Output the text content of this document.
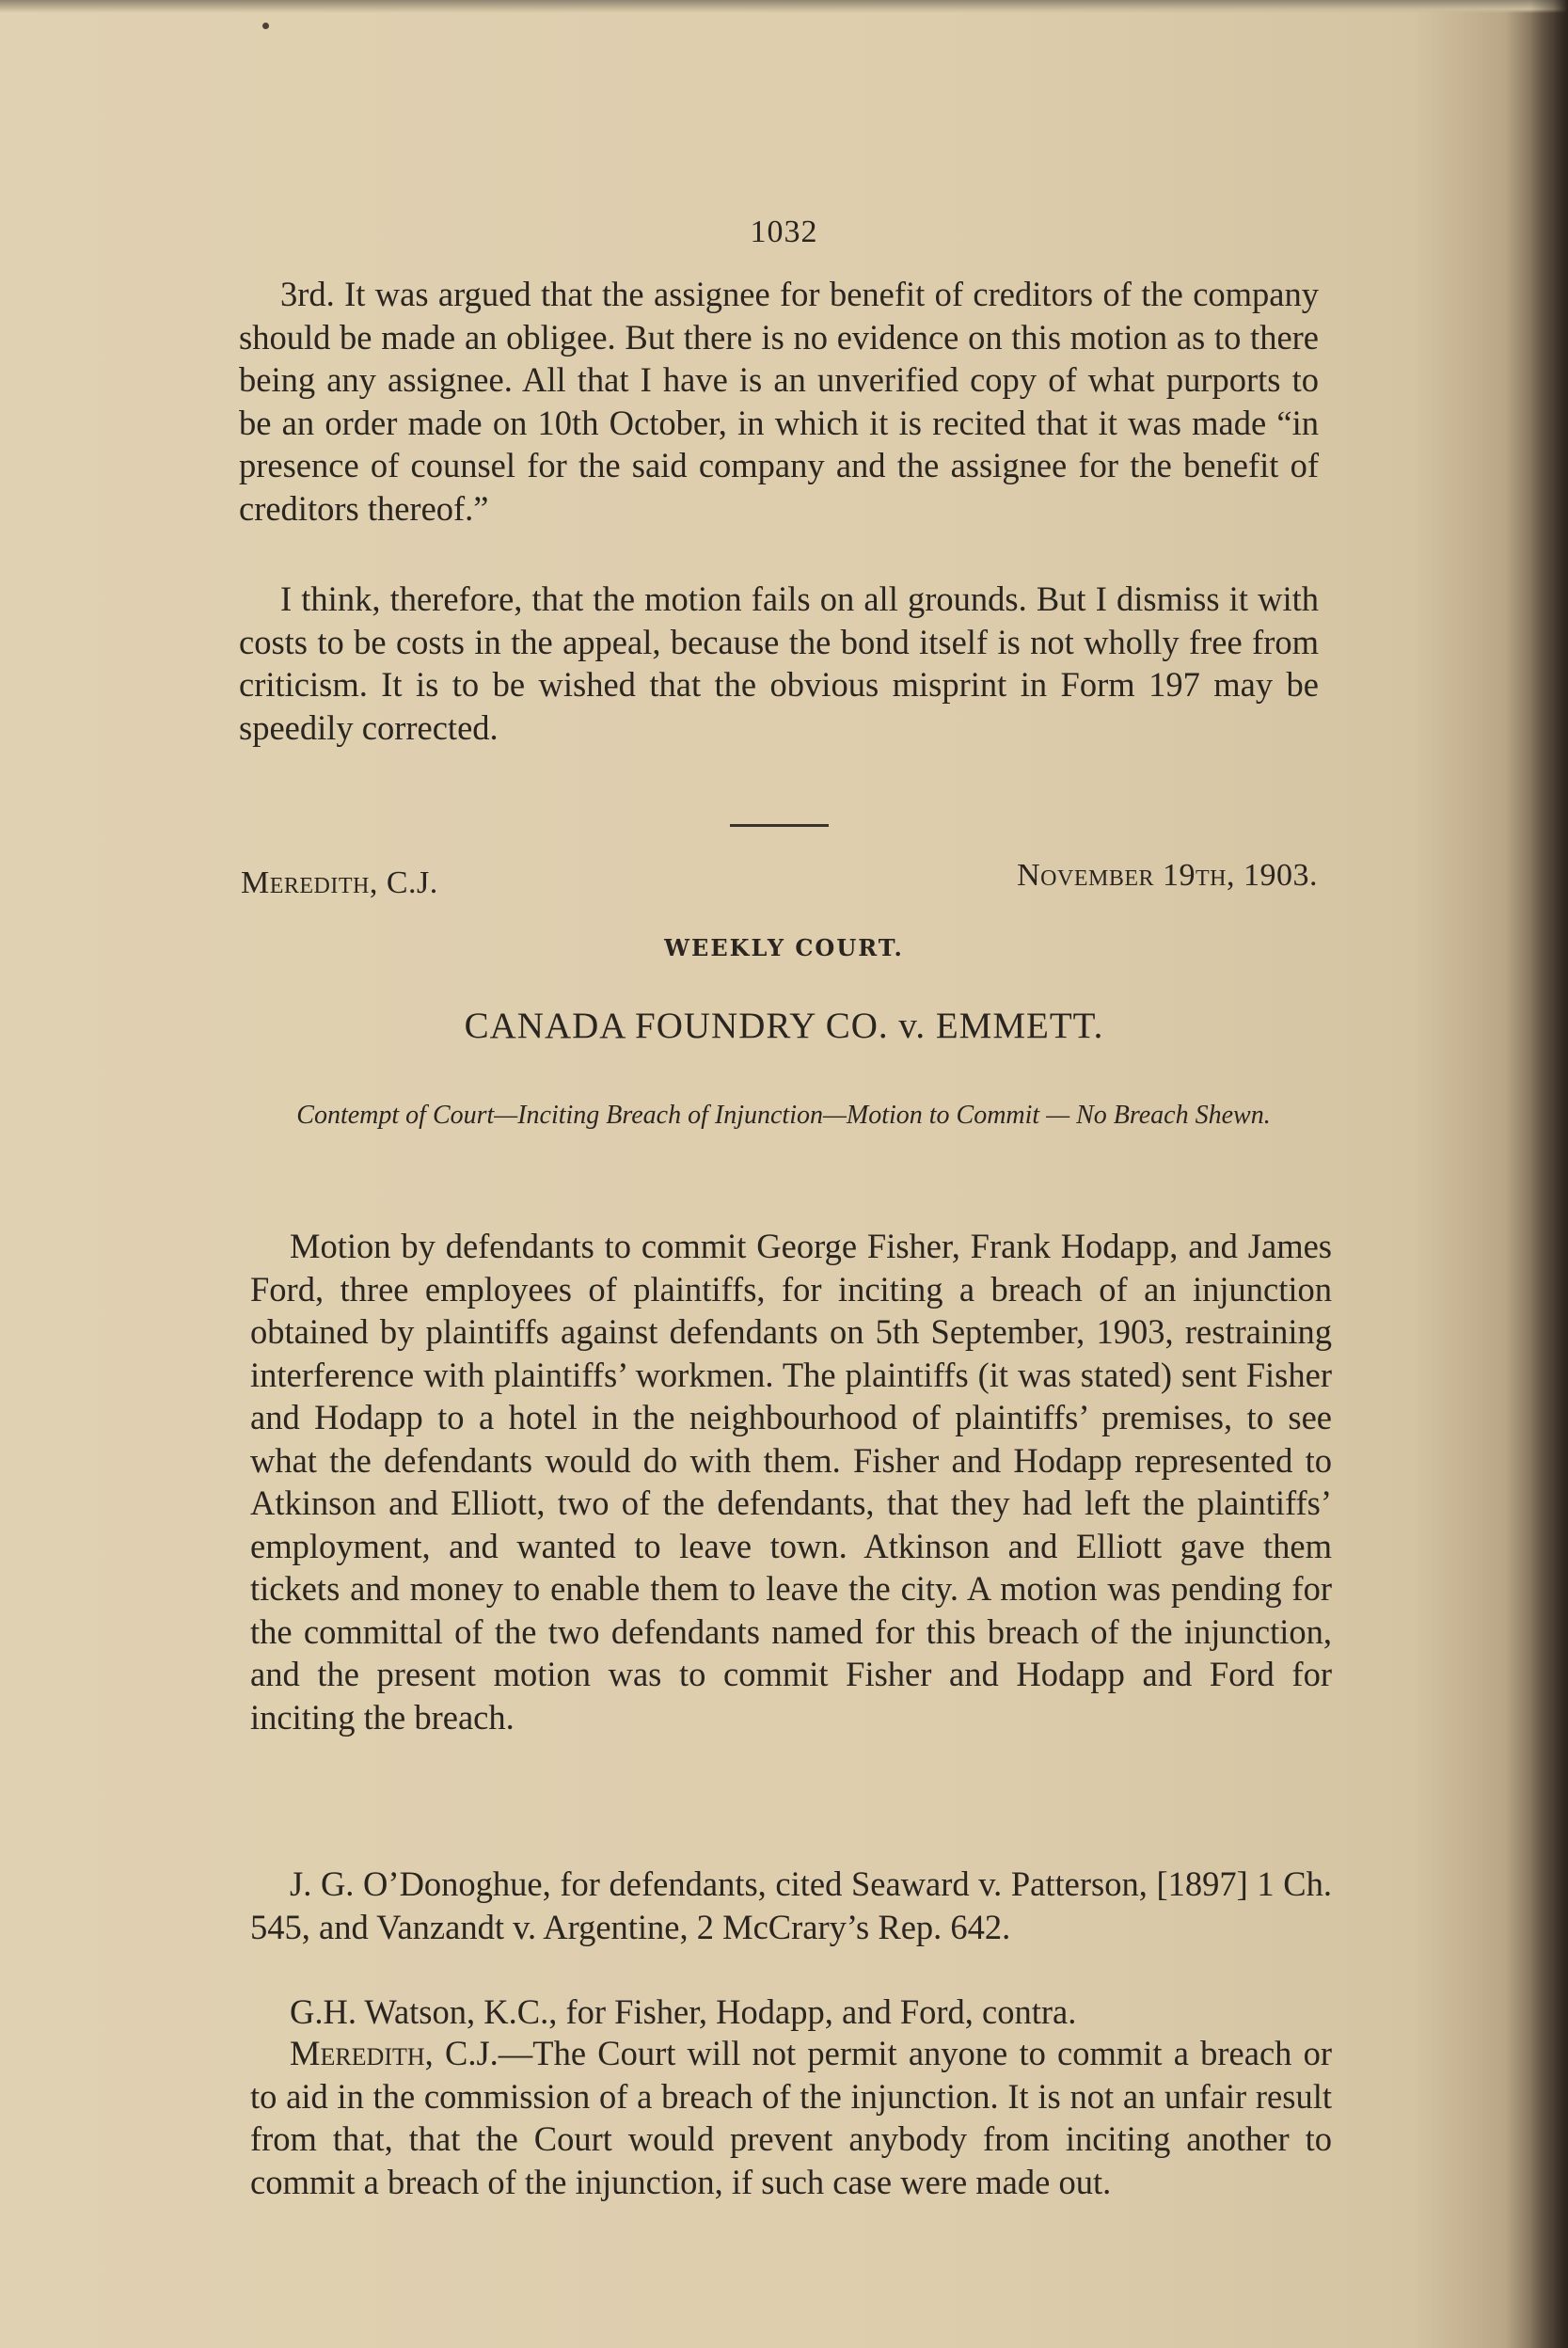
1032
3rd. It was argued that the assignee for benefit of creditors of the company should be made an obligee. But there is no evidence on this motion as to there being any assignee. All that I have is an unverified copy of what purports to be an order made on 10th October, in which it is recited that it was made “in presence of counsel for the said company and the assignee for the benefit of creditors thereof.”
I think, therefore, that the motion fails on all grounds. But I dismiss it with costs to be costs in the appeal, because the bond itself is not wholly free from criticism. It is to be wished that the obvious misprint in Form 197 may be speedily corrected.
Meredith, C.J.	November 19th, 1903.
WEEKLY COURT.
CANADA FOUNDRY CO. v. EMMETT.
Contempt of Court—Inciting Breach of Injunction—Motion to Commit — No Breach Shewn.
Motion by defendants to commit George Fisher, Frank Hodapp, and James Ford, three employees of plaintiffs, for inciting a breach of an injunction obtained by plaintiffs against defendants on 5th September, 1903, restraining interference with plaintiffs’ workmen. The plaintiffs (it was stated) sent Fisher and Hodapp to a hotel in the neighbourhood of plaintiffs’ premises, to see what the defendants would do with them. Fisher and Hodapp represented to Atkinson and Elliott, two of the defendants, that they had left the plaintiffs’ employment, and wanted to leave town. Atkinson and Elliott gave them tickets and money to enable them to leave the city. A motion was pending for the committal of the two defendants named for this breach of the injunction, and the present motion was to commit Fisher and Hodapp and Ford for inciting the breach.
J. G. O’Donoghue, for defendants, cited Seaward v. Patterson, [1897] 1 Ch. 545, and Vanzandt v. Argentine, 2 McCrary’s Rep. 642.
G.H. Watson, K.C., for Fisher, Hodapp, and Ford, contra.
Meredith, C.J.—The Court will not permit anyone to commit a breach or to aid in the commission of a breach of the injunction. It is not an unfair result from that, that the Court would prevent anybody from inciting another to commit a breach of the injunction, if such case were made out.
